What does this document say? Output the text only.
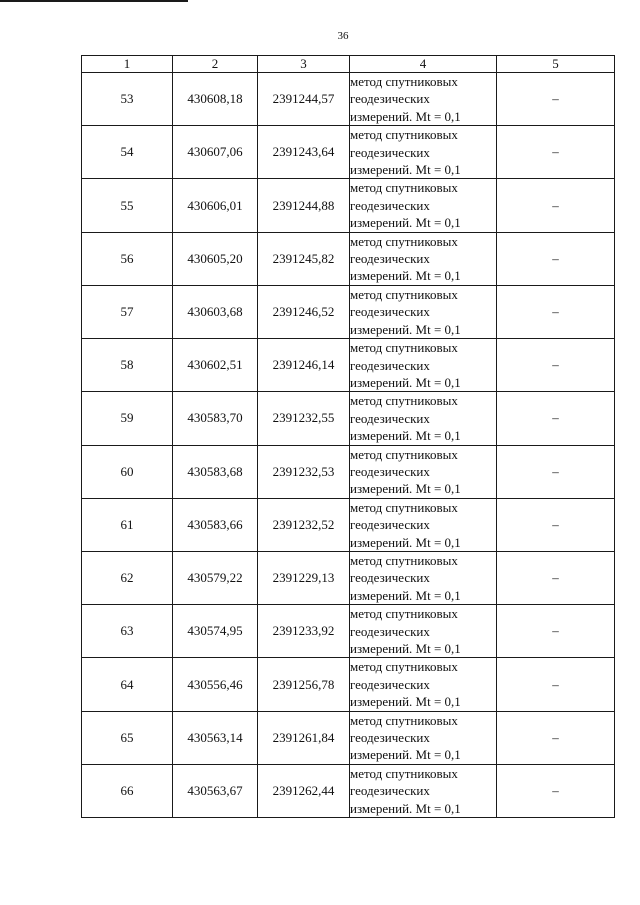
36
1	2	3	4	5
53	430608,18	2391244,57	метод спутниковых
геодезических
измерений. Mt = 0,1	–
54	430607,06	2391243,64	метод спутниковых
геодезических
измерений. Mt = 0,1	–
55	430606,01	2391244,88	метод спутниковых
геодезических
измерений. Mt = 0,1	–
56	430605,20	2391245,82	метод спутниковых
геодезических
измерений. Mt = 0,1	–
57	430603,68	2391246,52	метод спутниковых
геодезических
измерений. Mt = 0,1	–
58	430602,51	2391246,14	метод спутниковых
геодезических
измерений. Mt = 0,1	–
59	430583,70	2391232,55	метод спутниковых
геодезических
измерений. Mt = 0,1	–
60	430583,68	2391232,53	метод спутниковых
геодезических
измерений. Mt = 0,1	–
61	430583,66	2391232,52	метод спутниковых
геодезических
измерений. Mt = 0,1	–
62	430579,22	2391229,13	метод спутниковых
геодезических
измерений. Mt = 0,1	–
63	430574,95	2391233,92	метод спутниковых
геодезических
измерений. Mt = 0,1	–
64	430556,46	2391256,78	метод спутниковых
геодезических
измерений. Mt = 0,1	–
65	430563,14	2391261,84	метод спутниковых
геодезических
измерений. Mt = 0,1	–
66	430563,67	2391262,44	метод спутниковых
геодезических
измерений. Mt = 0,1	–
